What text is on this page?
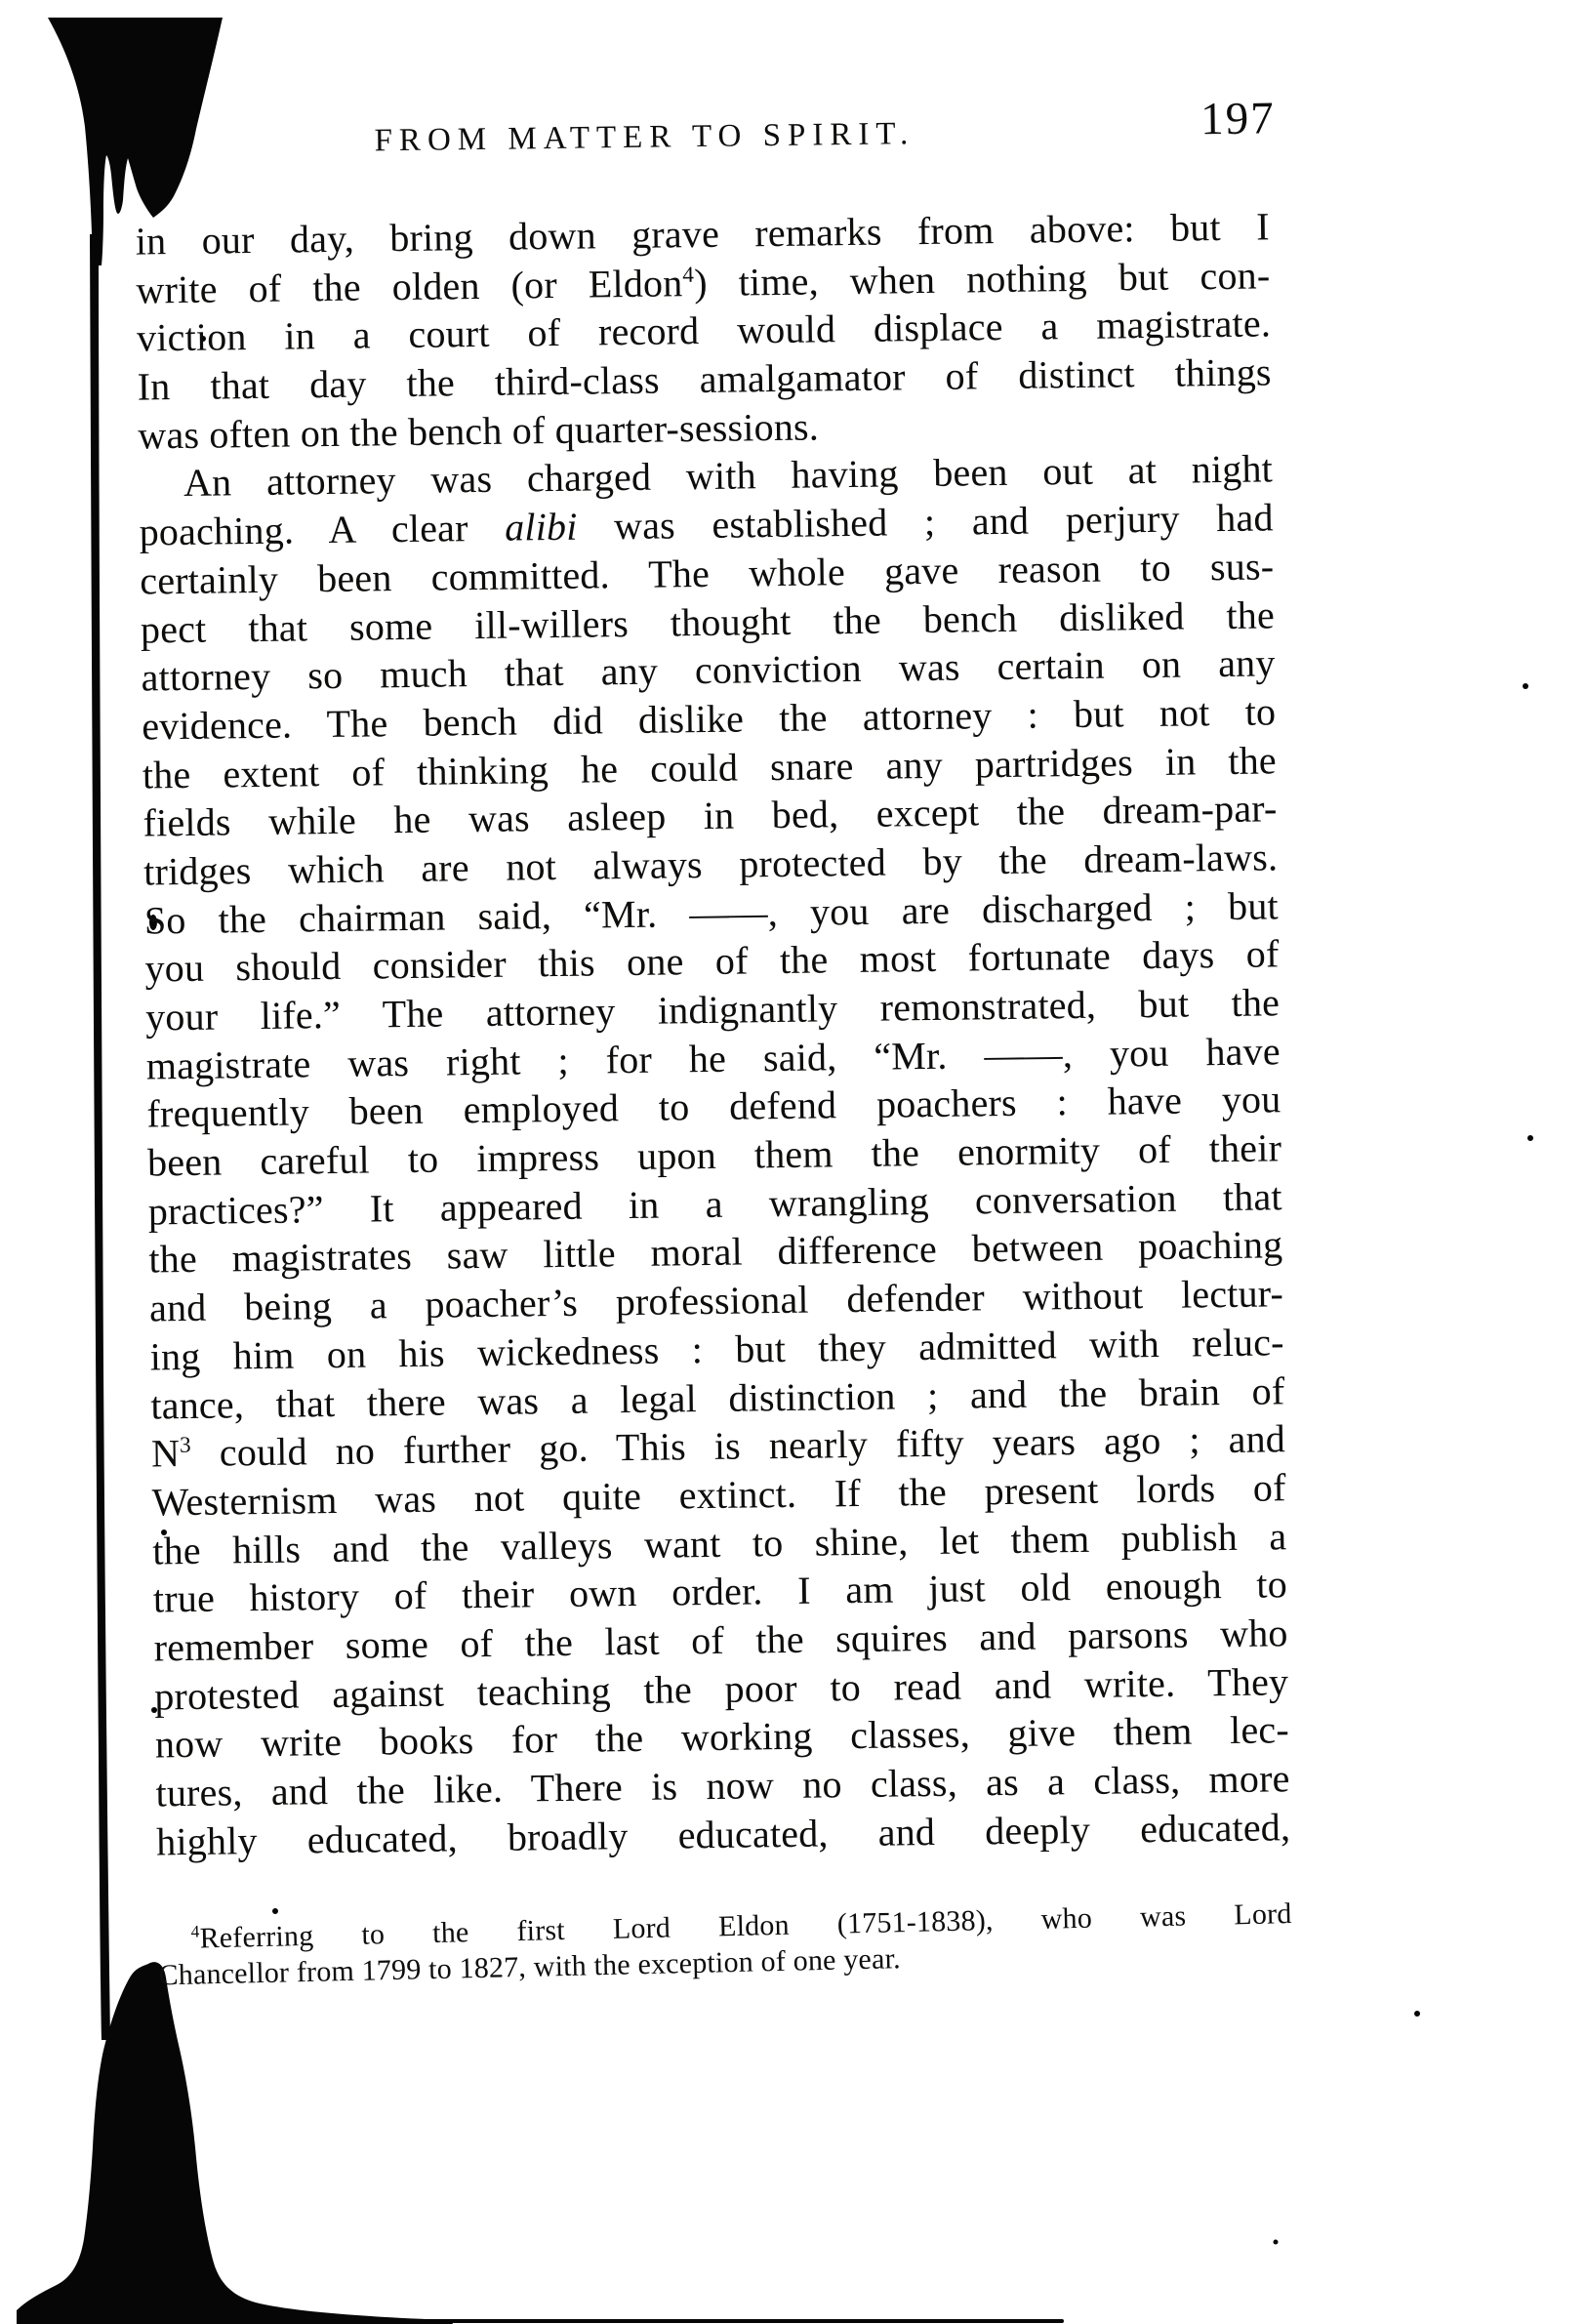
FROM MATTER TO SPIRIT.	197
in our day, bring down grave remarks from above: but I
write of the olden (or Eldon$^4$) time, when nothing but con-
viction in a court of record would displace a magistrate.
In that day the third-class amalgamator of distinct things
was often on the bench of quarter-sessions.
An attorney was charged with having been out at night
poaching. A clear alibi was established ; and perjury had
certainly been committed. The whole gave reason to sus-
pect that some ill-willers thought the bench disliked the
attorney so much that any conviction was certain on any
evidence. The bench did dislike the attorney : but not to
the extent of thinking he could snare any partridges in the
fields while he was asleep in bed, except the dream-par-
tridges which are not always protected by the dream-laws.
So the chairman said, “Mr. ——, you are discharged ; but
you should consider this one of the most fortunate days of
your life.” The attorney indignantly remonstrated, but the
magistrate was right ; for he said, “Mr. ——, you have
frequently been employed to defend poachers : have you
been careful to impress upon them the enormity of their
practices?” It appeared in a wrangling conversation that
the magistrates saw little moral difference between poaching
and being a poacher’s professional defender without lectur-
ing him on his wickedness : but they admitted with reluc-
tance, that there was a legal distinction ; and the brain of
$N^3$ could no further go. This is nearly fifty years ago ; and
Westernism was not quite extinct. If the present lords of
the hills and the valleys want to shine, let them publish a
true history of their own order. I am just old enough to
remember some of the last of the squires and parsons who
protested against teaching the poor to read and write. They
now write books for the working classes, give them lec-
tures, and the like. There is now no class, as a class, more
highly educated, broadly educated, and deeply educated,
$^4$Referring to the first Lord Eldon (1751-1838), who was Lord
Chancellor from 1799 to 1827, with the exception of one year.
